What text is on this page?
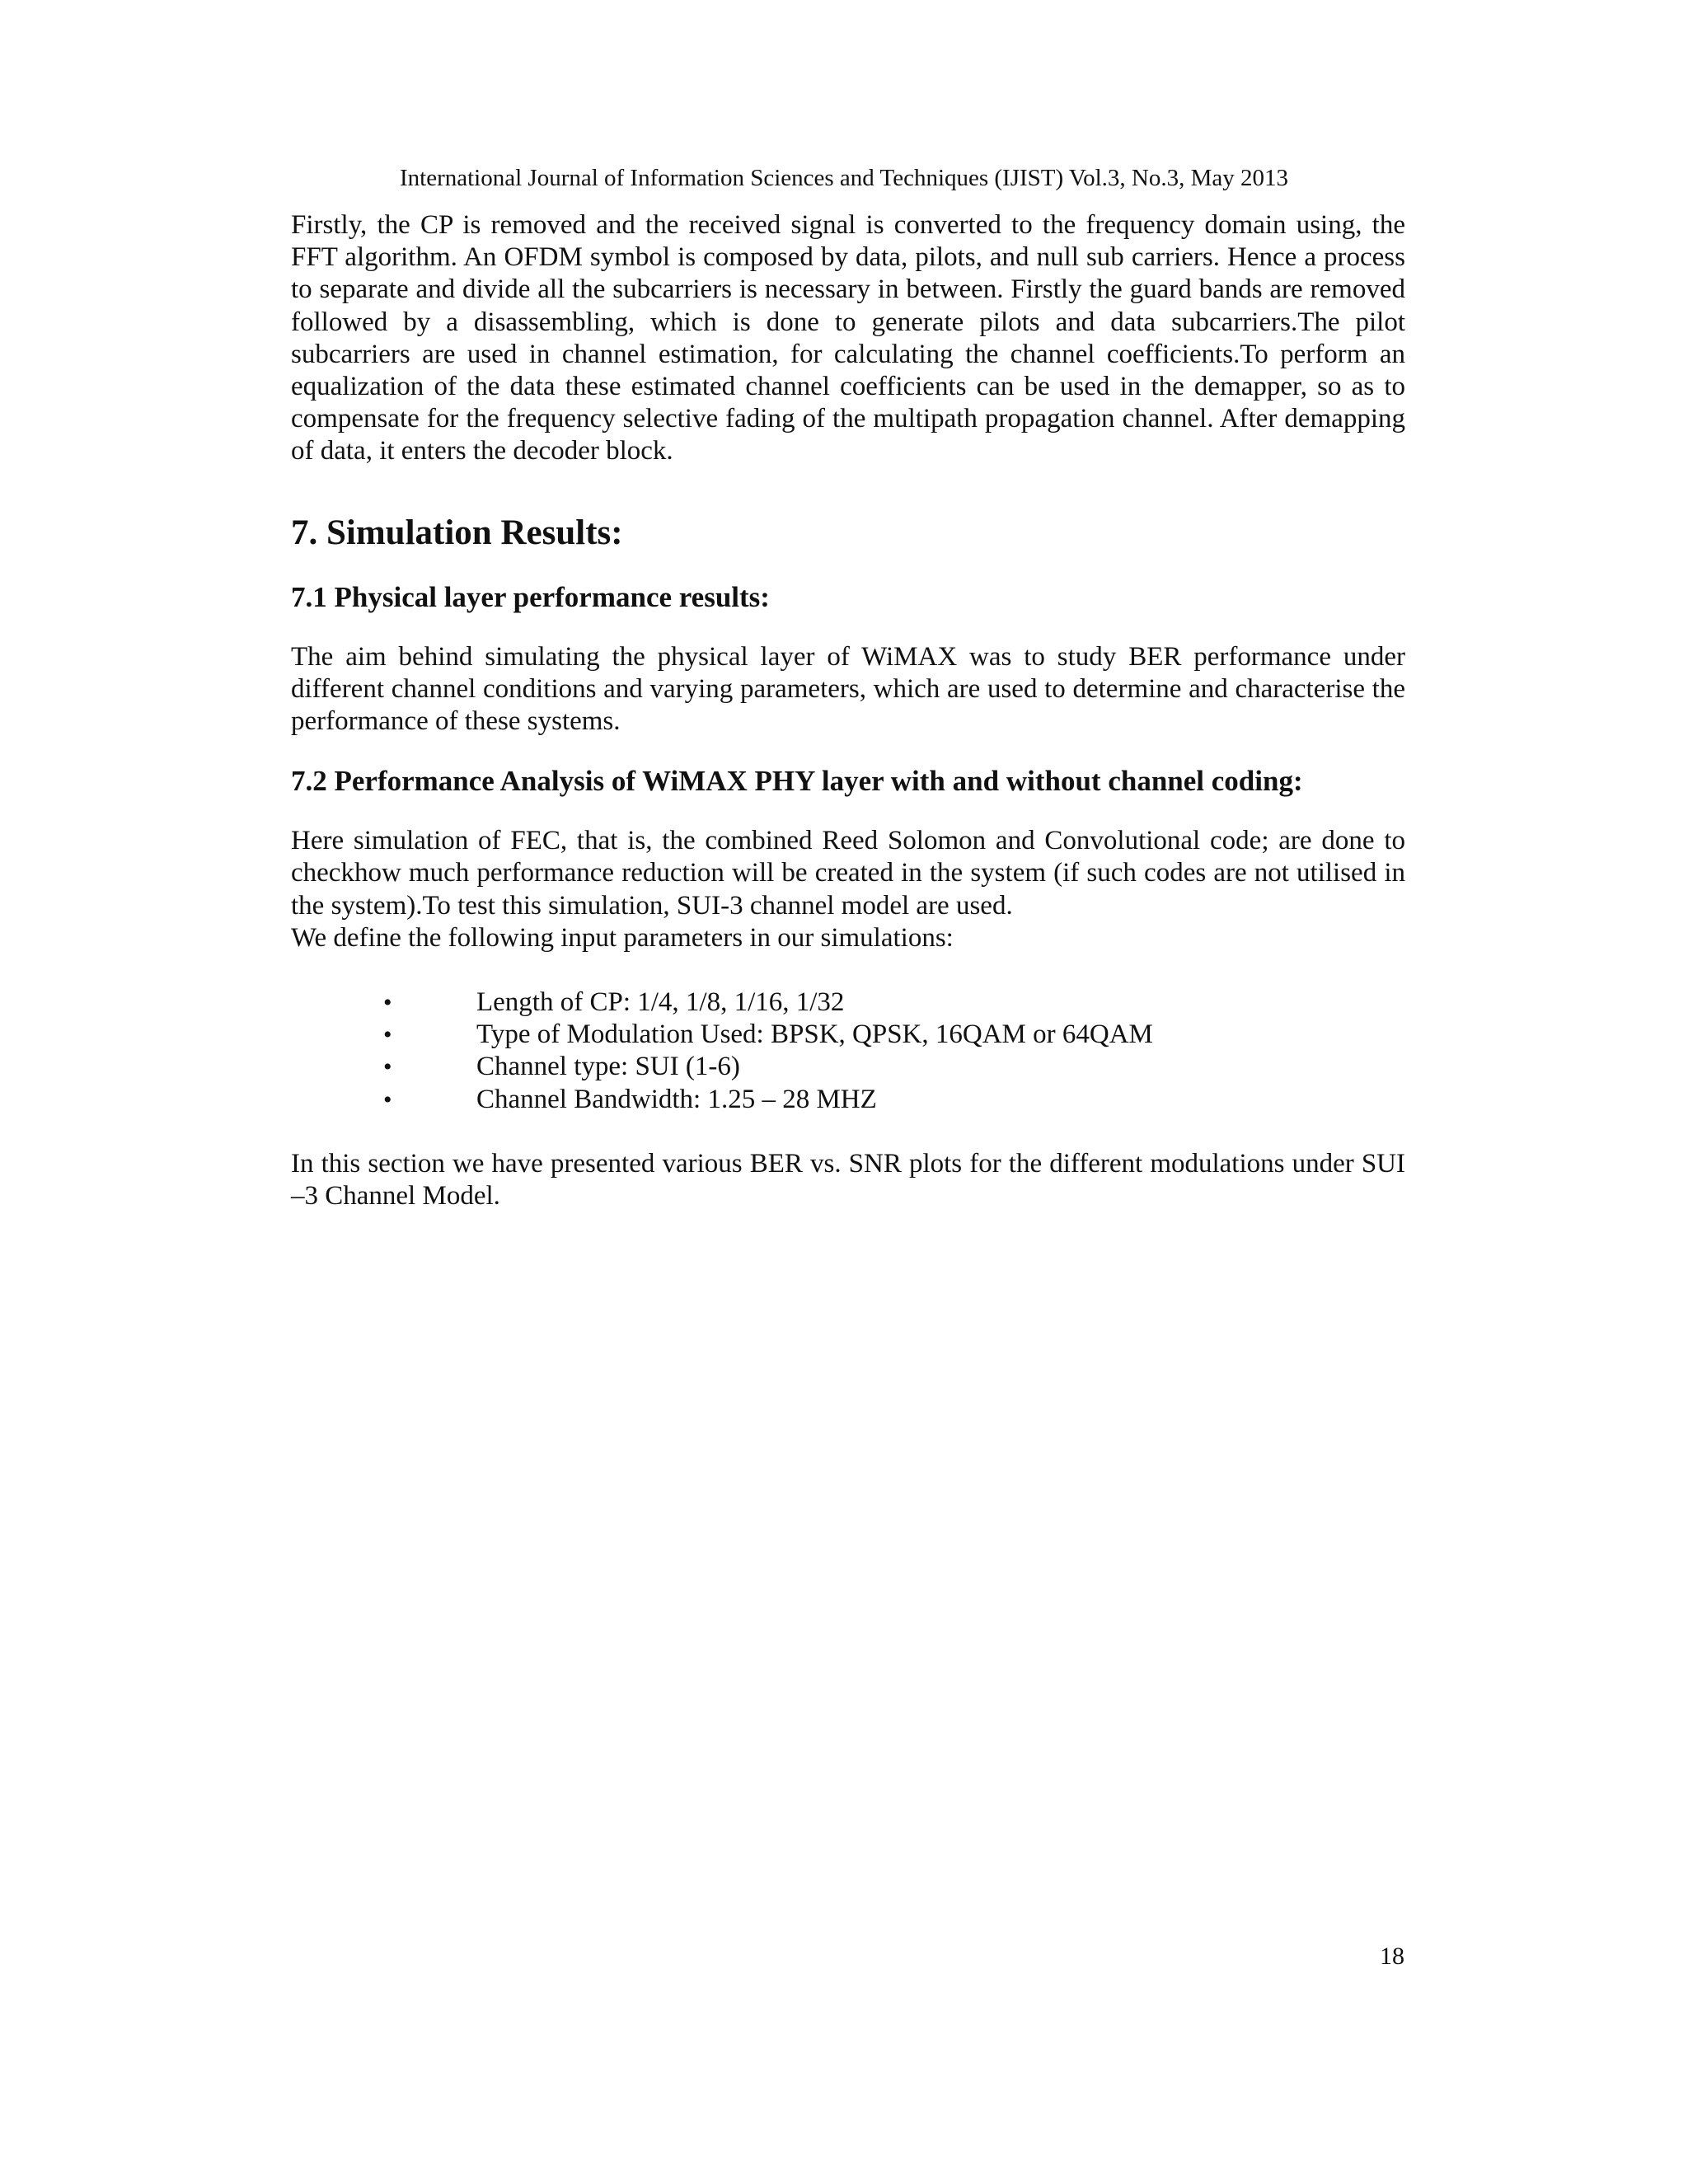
International Journal of Information Sciences and Techniques (IJIST) Vol.3, No.3, May 2013

Firstly, the CP is removed and the received signal is converted to the frequency domain using, the FFT algorithm. An OFDM symbol is composed by data, pilots, and null sub carriers. Hence a process to separate and divide all the subcarriers is necessary in between. Firstly the guard bands are removed followed by a disassembling, which is done to generate pilots and data subcarriers.The pilot subcarriers are used in channel estimation, for calculating the channel coefficients.To perform an equalization of the data these estimated channel coefficients can be used in the demapper, so as to compensate for the frequency selective fading of the multipath propagation channel. After demapping of data, it enters the decoder block.

7. Simulation Results:
7.1 Physical layer performance results:

The aim behind simulating the physical layer of WiMAX was to study BER performance under different channel conditions and varying parameters, which are used to determine and characterise the performance of these systems.

7.2 Performance Analysis of WiMAX PHY layer with and without channel coding:

Here simulation of FEC, that is, the combined Reed Solomon and Convolutional code; are done to checkhow much performance reduction will be created in the system (if such codes are not utilised in the system).To test this simulation, SUI-3 channel model are used.

We define the following input parameters in our simulations:

•	Length of CP: 1/4, 1/8, 1/16, 1/32
•	Type of Modulation Used: BPSK, QPSK, 16QAM or 64QAM
•	Channel type: SUI (1-6)
•	Channel Bandwidth: 1.25 – 28 MHZ

In this section we have presented various BER vs. SNR plots for the different modulations under SUI –3 Channel Model.

18
